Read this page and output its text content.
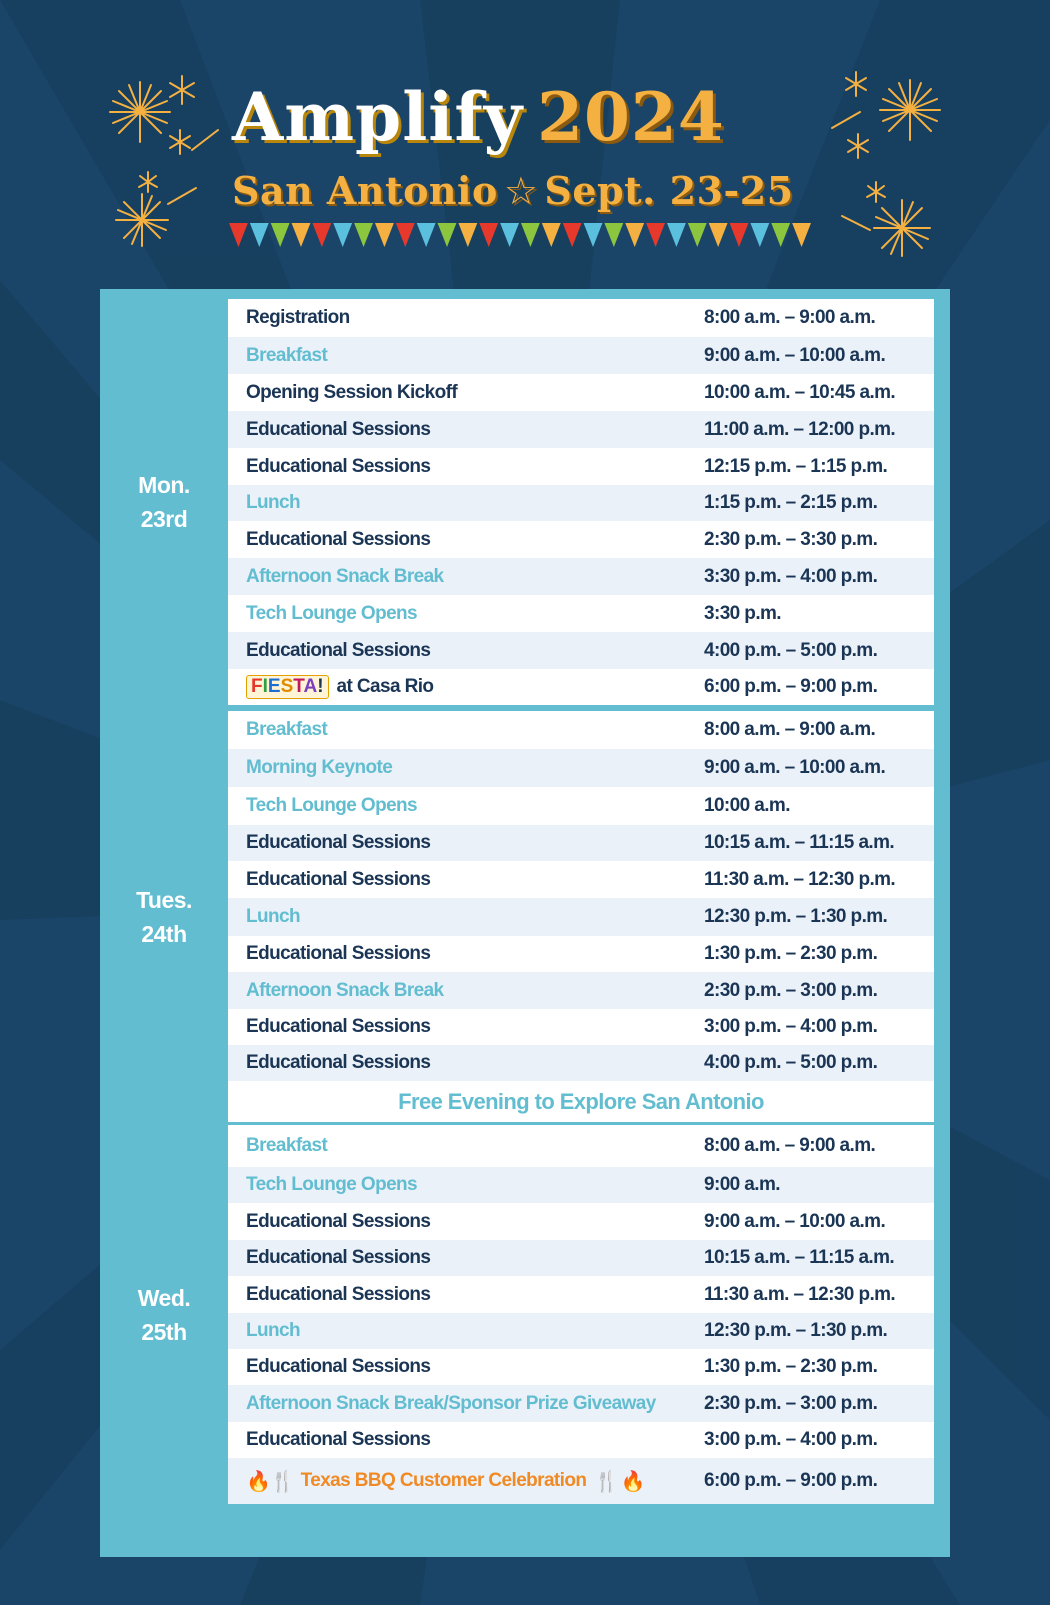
Amplify 2024
San Antonio ☆ Sept. 23-25
Registration	8:00 a.m. – 9:00 a.m.
Breakfast	9:00 a.m. – 10:00 a.m.
Opening Session Kickoff	10:00 a.m. – 10:45 a.m.
Educational Sessions	11:00 a.m. – 12:00 p.m.
Educational Sessions	12:15 p.m. – 1:15 p.m.
Lunch	1:15 p.m. – 2:15 p.m.
Educational Sessions	2:30 p.m. – 3:30 p.m.
Afternoon Snack Break	3:30 p.m. – 4:00 p.m.
Tech Lounge Opens	3:30 p.m.
Educational Sessions	4:00 p.m. – 5:00 p.m.
FIESTA! at Casa Rio	6:00 p.m. – 9:00 p.m.
Mon.
23rd
Breakfast	8:00 a.m. – 9:00 a.m.
Morning Keynote	9:00 a.m. – 10:00 a.m.
Tech Lounge Opens	10:00 a.m.
Educational Sessions	10:15 a.m. – 11:15 a.m.
Educational Sessions	11:30 a.m. – 12:30 p.m.
Lunch	12:30 p.m. – 1:30 p.m.
Educational Sessions	1:30 p.m. – 2:30 p.m.
Afternoon Snack Break	2:30 p.m. – 3:00 p.m.
Educational Sessions	3:00 p.m. – 4:00 p.m.
Educational Sessions	4:00 p.m. – 5:00 p.m.
Free Evening to Explore San Antonio
Tues.
24th
Breakfast	8:00 a.m. – 9:00 a.m.
Tech Lounge Opens	9:00 a.m.
Educational Sessions	9:00 a.m. – 10:00 a.m.
Educational Sessions	10:15 a.m. – 11:15 a.m.
Educational Sessions	11:30 a.m. – 12:30 p.m.
Lunch	12:30 p.m. – 1:30 p.m.
Educational Sessions	1:30 p.m. – 2:30 p.m.
Afternoon Snack Break/Sponsor Prize Giveaway	2:30 p.m. – 3:00 p.m.
Educational Sessions	3:00 p.m. – 4:00 p.m.
🔥 🍴 Texas BBQ Customer Celebration 🍴 🔥	6:00 p.m. – 9:00 p.m.
Wed.
25th
